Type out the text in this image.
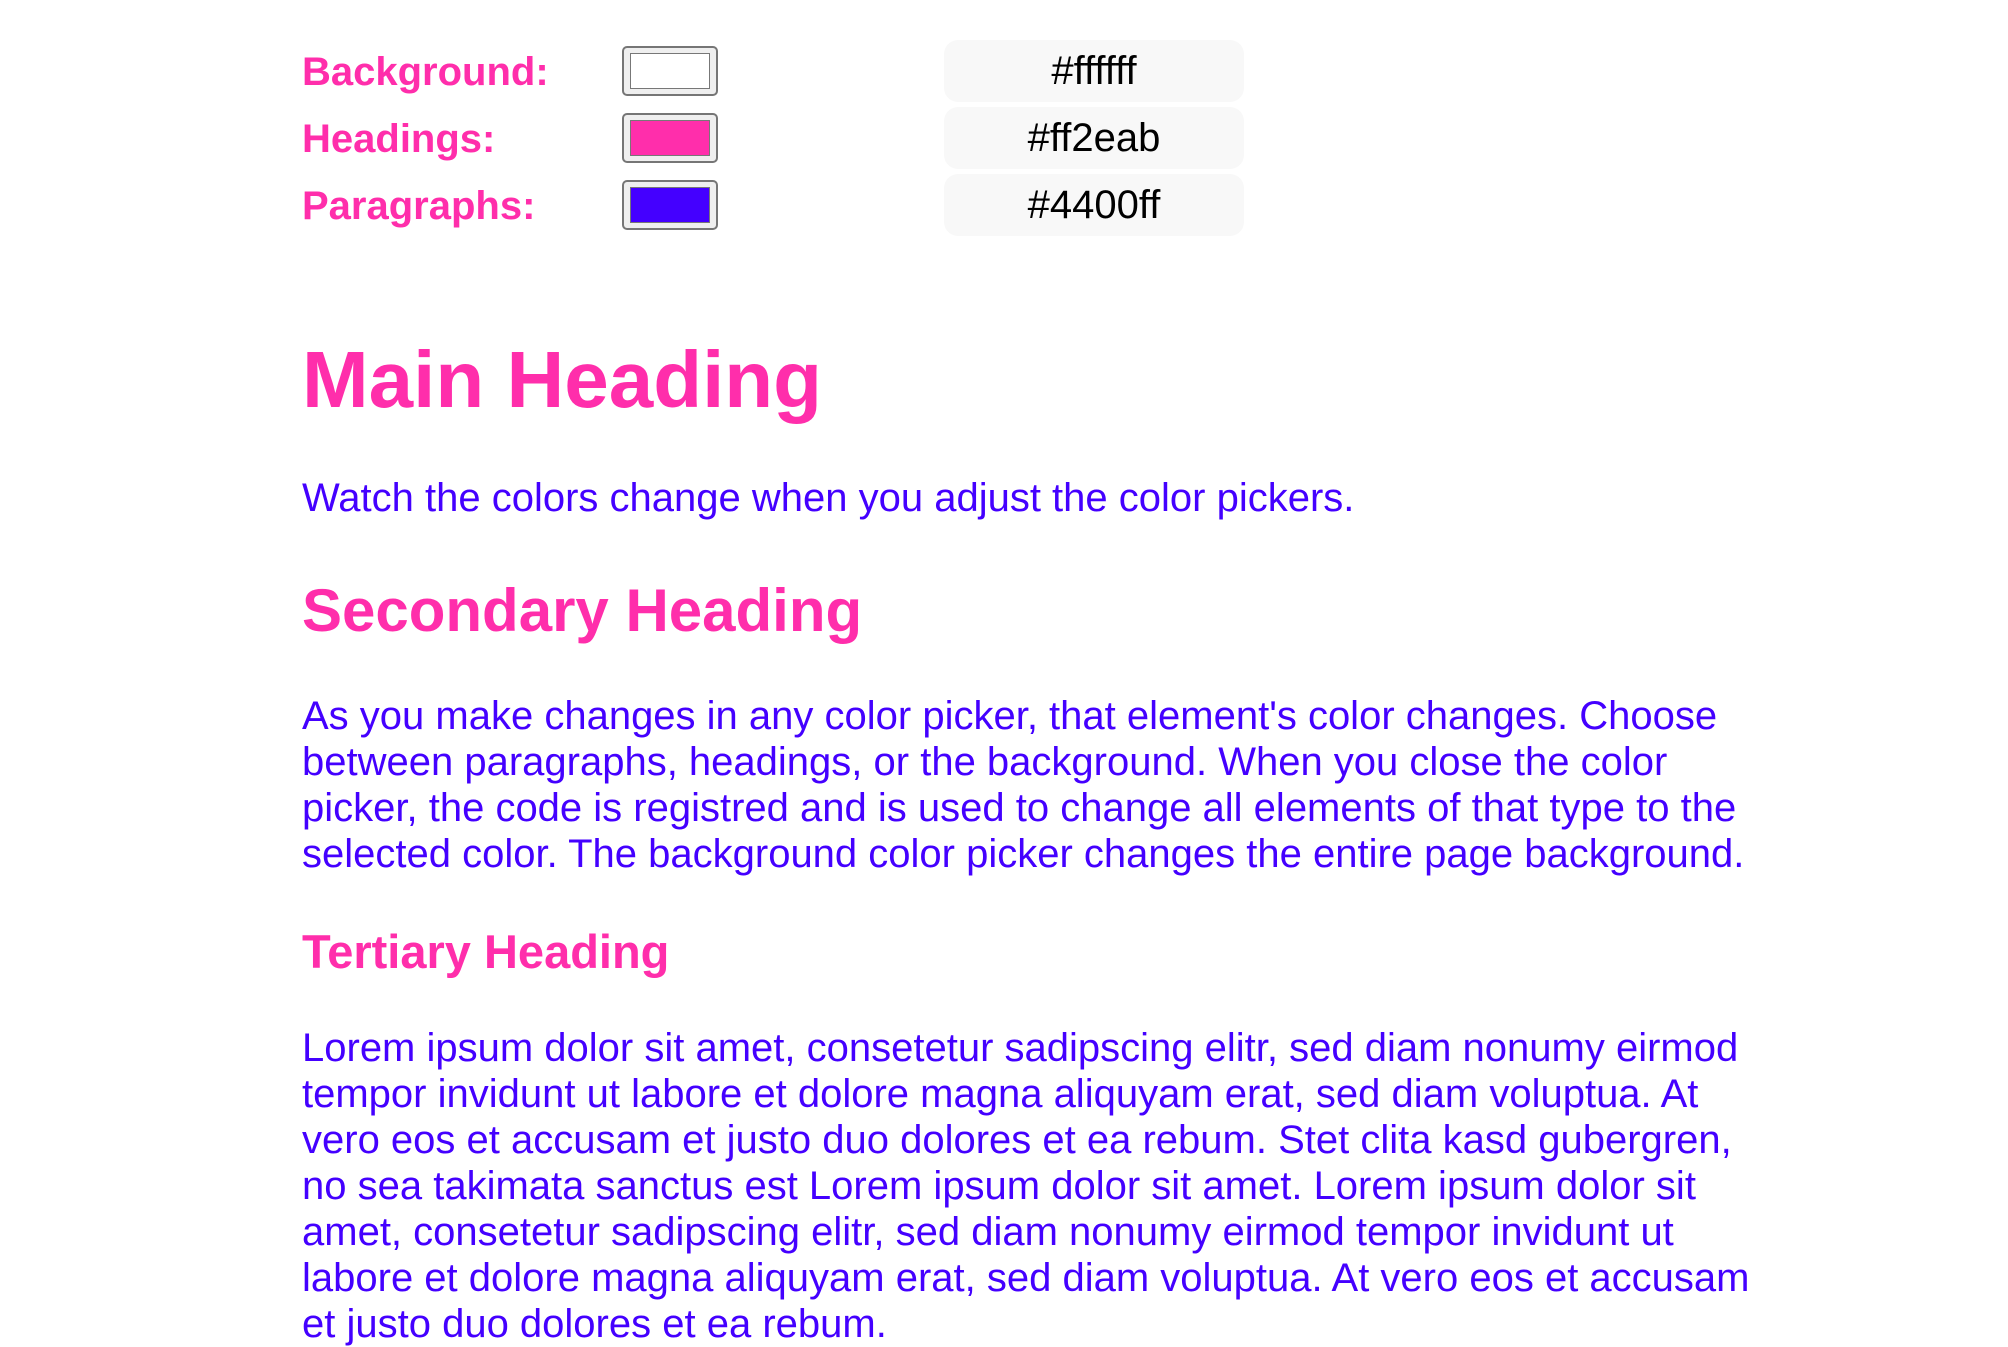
Background:	#ffffff
Headings:	#ff2eab
Paragraphs:	#4400ff
Main Heading

Watch the colors change when you adjust the color pickers.

Secondary Heading

As you make changes in any color picker, that element's color changes. Choose between paragraphs, headings, or the background. When you close the color picker, the code is registred and is used to change all elements of that type to the selected color. The background color picker changes the entire page background.

Tertiary Heading

Lorem ipsum dolor sit amet, consetetur sadipscing elitr, sed diam nonumy eirmod tempor invidunt ut labore et dolore magna aliquyam erat, sed diam voluptua. At vero eos et accusam et justo duo dolores et ea rebum. Stet clita kasd gubergren, no sea takimata sanctus est Lorem ipsum dolor sit amet. Lorem ipsum dolor sit amet, consetetur sadipscing elitr, sed diam nonumy eirmod tempor invidunt ut labore et dolore magna aliquyam erat, sed diam voluptua. At vero eos et accusam et justo duo dolores et ea rebum.
